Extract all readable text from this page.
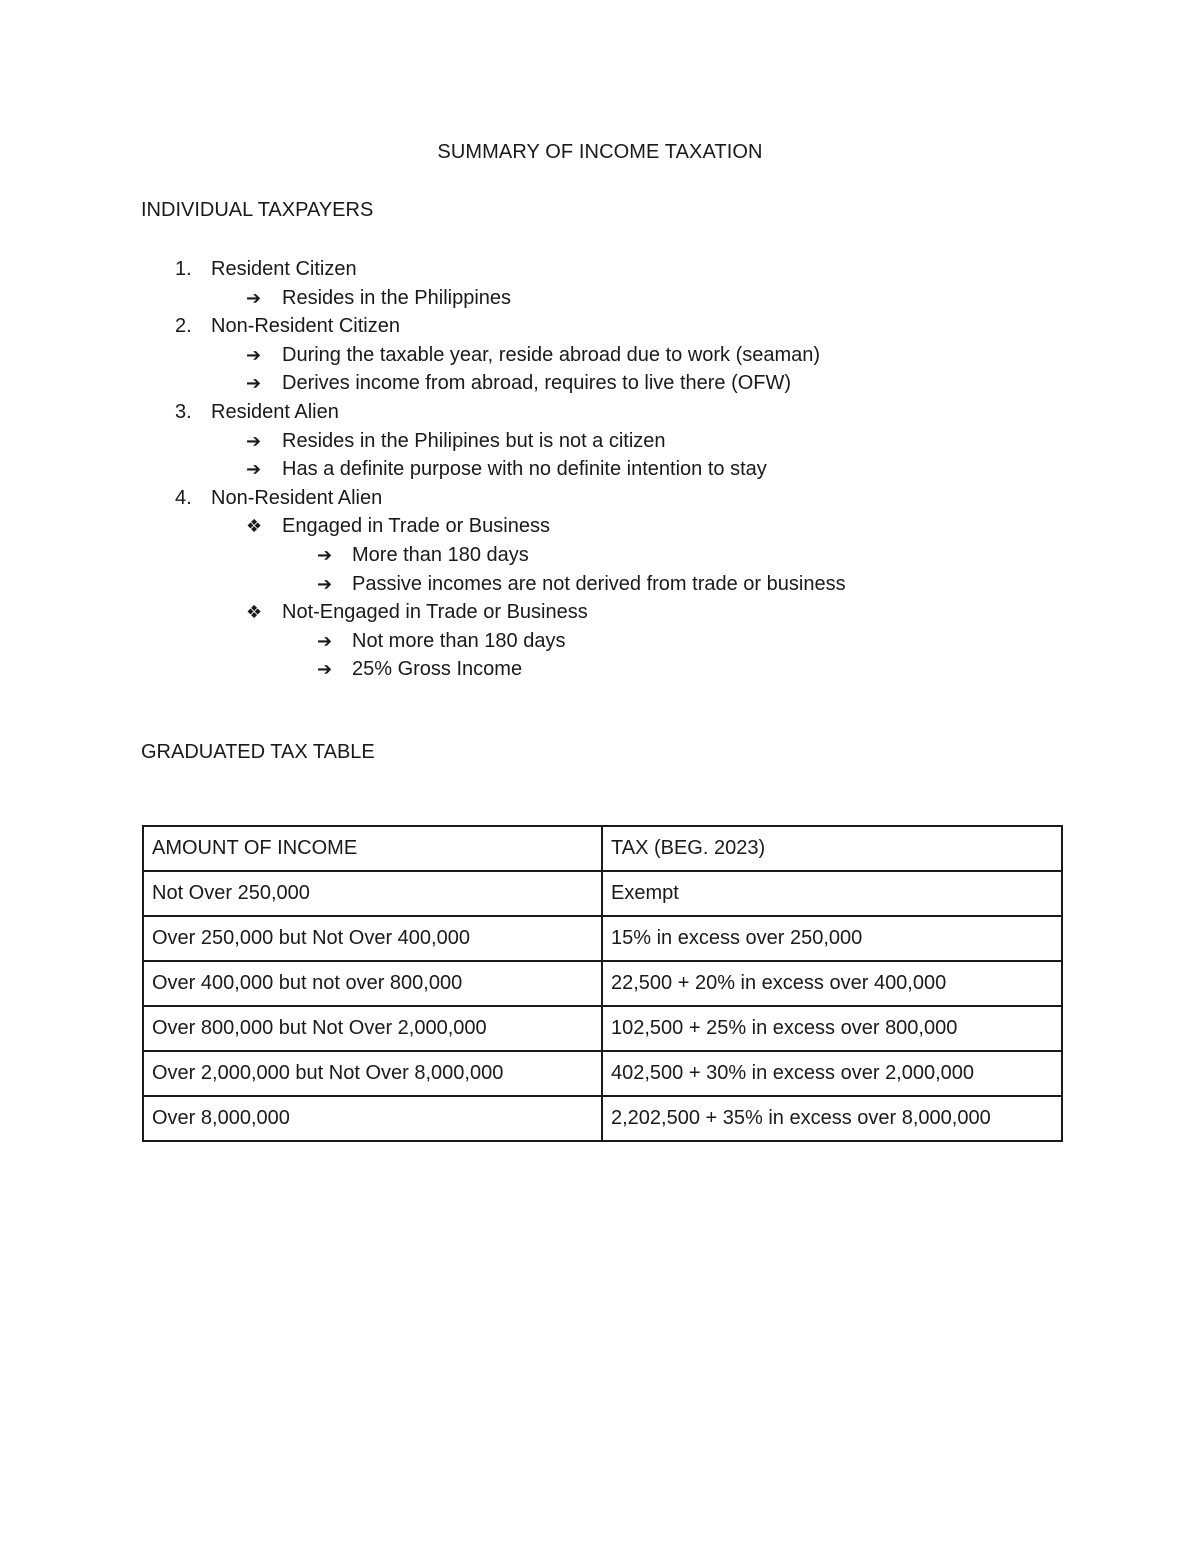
SUMMARY OF INCOME TAXATION
INDIVIDUAL TAXPAYERS
1. Resident Citizen
➔ Resides in the Philippines
2. Non-Resident Citizen
➔ During the taxable year, reside abroad due to work (seaman)
➔ Derives income from abroad, requires to live there (OFW)
3. Resident Alien
➔ Resides in the Philipines but is not a citizen
➔ Has a definite purpose with no definite intention to stay
4. Non-Resident Alien
❖ Engaged in Trade or Business
➔ More than 180 days
➔ Passive incomes are not derived from trade or business
❖ Not-Engaged in Trade or Business
➔ Not more than 180 days
➔ 25% Gross Income
GRADUATED TAX TABLE
AMOUNT OF INCOME	TAX (BEG. 2023)
Not Over 250,000	Exempt
Over 250,000 but Not Over 400,000	15% in excess over 250,000
Over 400,000 but not over 800,000	22,500 + 20% in excess over 400,000
Over 800,000 but Not Over 2,000,000	102,500 + 25% in excess over 800,000
Over 2,000,000 but Not Over 8,000,000	402,500 + 30% in excess over 2,000,000
Over 8,000,000	2,202,500 + 35% in excess over 8,000,000
